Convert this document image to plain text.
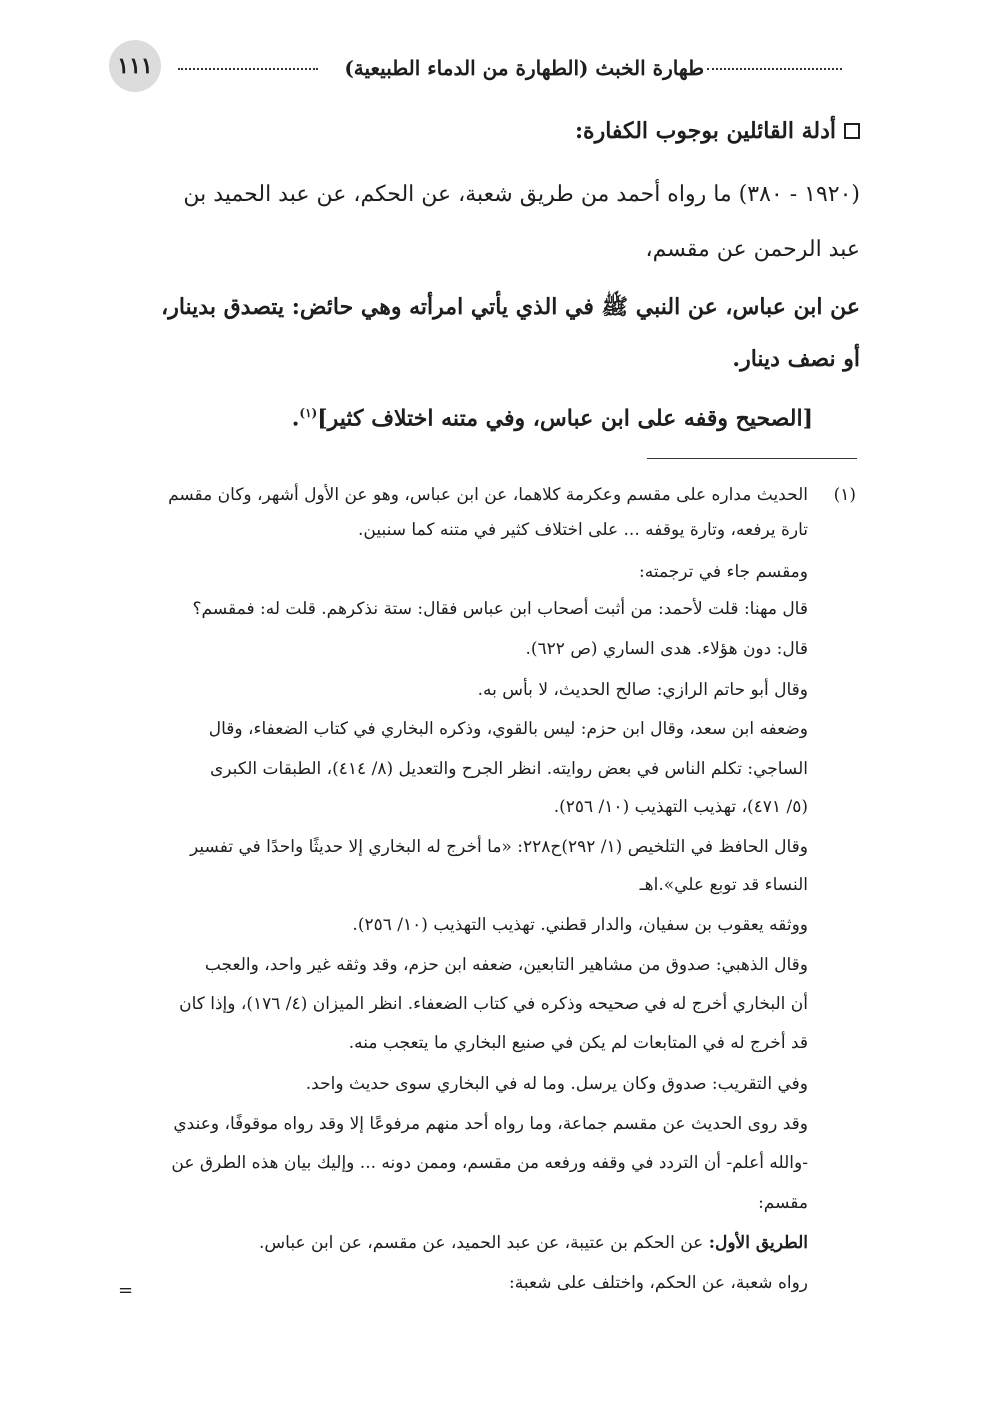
طهارة الخبث (الطهارة من الدماء الطبيعية)
١١١
أدلة القائلين بوجوب الكفارة:
(١٩٢٠ - ٣٨٠) ما رواه أحمد من طريق شعبة، عن الحكم، عن عبد الحميد بن
عبد الرحمن عن مقسم،
عن ابن عباس، عن النبي ﷺ في الذي يأتي امرأته وهي حائض: يتصدق بدينار،
أو نصف دينار.
[الصحيح وقفه على ابن عباس، وفي متنه اختلاف كثير]$^{(١)}$.
(١)
الحديث مداره على مقسم وعكرمة كلاهما، عن ابن عباس، وهو عن الأول أشهر، وكان مقسم
تارة يرفعه، وتارة يوقفه ... على اختلاف كثير في متنه كما سنبين.
ومقسم جاء في ترجمته:
قال مهنا: قلت لأحمد: من أثبت أصحاب ابن عباس فقال: ستة نذكرهم. قلت له: فمقسم؟
قال: دون هؤلاء. هدى الساري (ص ٦٢٢).
وقال أبو حاتم الرازي: صالح الحديث، لا بأس به.
وضعفه ابن سعد، وقال ابن حزم: ليس بالقوي، وذكره البخاري في كتاب الضعفاء، وقال
الساجي: تكلم الناس في بعض روايته. انظر الجرح والتعديل (٨/ ٤١٤)، الطبقات الكبرى
(٥/ ٤٧١)، تهذيب التهذيب (١٠/ ٢٥٦).
وقال الحافظ في التلخيص (١/ ٢٩٢)ح٢٢٨: «ما أخرج له البخاري إلا حديثًا واحدًا في تفسير
النساء قد توبع علي».اهـ
ووثقه يعقوب بن سفيان، والدار قطني. تهذيب التهذيب (١٠/ ٢٥٦).
وقال الذهبي: صدوق من مشاهير التابعين، ضعفه ابن حزم، وقد وثقه غير واحد، والعجب
أن البخاري أخرج له في صحيحه وذكره في كتاب الضعفاء. انظر الميزان (٤/ ١٧٦)، وإذا كان
قد أخرج له في المتابعات لم يكن في صنيع البخاري ما يتعجب منه.
وفي التقريب: صدوق وكان يرسل. وما له في البخاري سوى حديث واحد.
وقد روى الحديث عن مقسم جماعة، وما رواه أحد منهم مرفوعًا إلا وقد رواه موقوفًا، وعندي
-والله أعلم- أن التردد في وقفه ورفعه من مقسم، وممن دونه ... وإليك بيان هذه الطرق عن
مقسم:
الطريق الأول: عن الحكم بن عتيبة، عن عبد الحميد، عن مقسم، عن ابن عباس.
رواه شعبة، عن الحكم، واختلف على شعبة:
=
